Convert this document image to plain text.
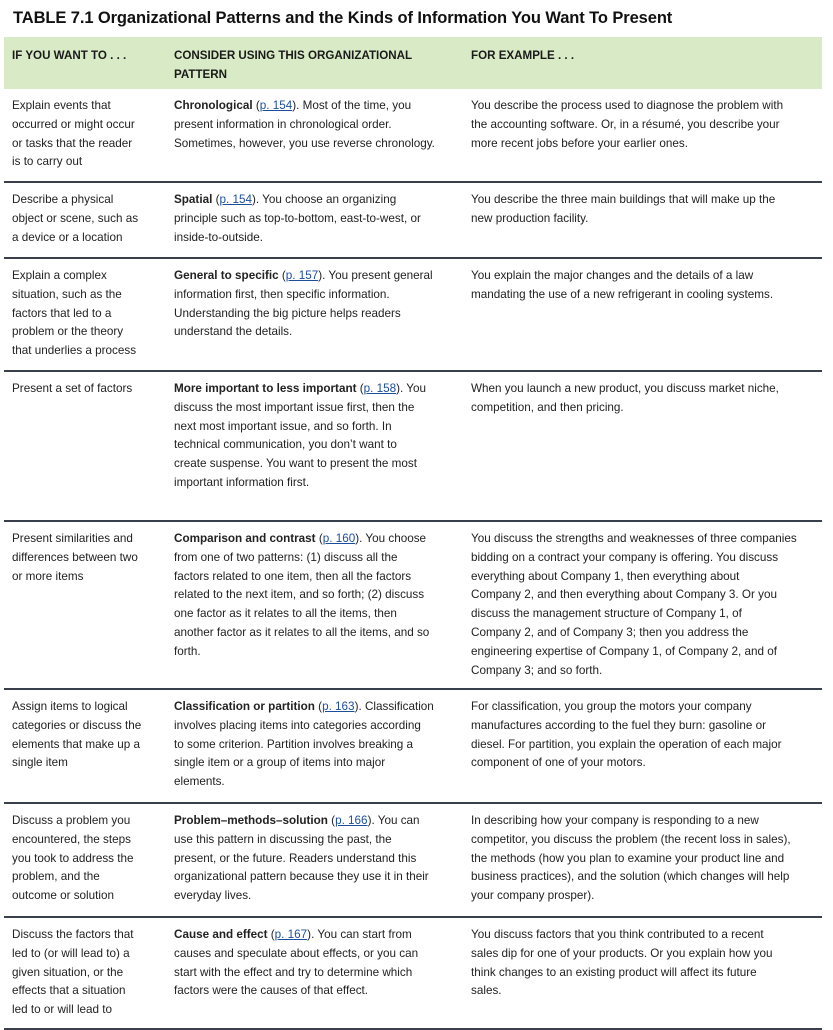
TABLE 7.1 Organizational Patterns and the Kinds of Information You Want To Present
IF YOU WANT TO . . .	CONSIDER USING THIS ORGANIZATIONAL
PATTERN
FOR EXAMPLE . . .
Explain events that
occurred or might occur
or tasks that the reader
is to carry out
Chronological (p. 154). Most of the time, you
present information in chronological order.
Sometimes, however, you use reverse chronology.
You describe the process used to diagnose the problem with
the accounting software. Or, in a résumé, you describe your
more recent jobs before your earlier ones.
Describe a physical
object or scene, such as
a device or a location
Spatial (p. 154). You choose an organizing
principle such as top-to-bottom, east-to-west, or
inside-to-outside.
You describe the three main buildings that will make up the
new production facility.
Explain a complex
situation, such as the
factors that led to a
problem or the theory
that underlies a process
General to specific (p. 157). You present general
information first, then specific information.
Understanding the big picture helps readers
understand the details.
You explain the major changes and the details of a law
mandating the use of a new refrigerant in cooling systems.
Present a set of factors	More important to less important (p. 158). You
discuss the most important issue first, then the
next most important issue, and so forth. In
technical communication, you don’t want to
create suspense. You want to present the most
important information first.
When you launch a new product, you discuss market niche,
competition, and then pricing.
Present similarities and
differences between two
or more items
Comparison and contrast (p. 160). You choose
from one of two patterns: (1) discuss all the
factors related to one item, then all the factors
related to the next item, and so forth; (2) discuss
one factor as it relates to all the items, then
another factor as it relates to all the items, and so
forth.
You discuss the strengths and weaknesses of three companies
bidding on a contract your company is offering. You discuss
everything about Company 1, then everything about
Company 2, and then everything about Company 3. Or you
discuss the management structure of Company 1, of
Company 2, and of Company 3; then you address the
engineering expertise of Company 1, of Company 2, and of
Company 3; and so forth.
Assign items to logical
categories or discuss the
elements that make up a
single item
Classification or partition (p. 163). Classification
involves placing items into categories according
to some criterion. Partition involves breaking a
single item or a group of items into major
elements.
For classification, you group the motors your company
manufactures according to the fuel they burn: gasoline or
diesel. For partition, you explain the operation of each major
component of one of your motors.
Discuss a problem you
encountered, the steps
you took to address the
problem, and the
outcome or solution
Problem–methods–solution (p. 166). You can
use this pattern in discussing the past, the
present, or the future. Readers understand this
organizational pattern because they use it in their
everyday lives.
In describing how your company is responding to a new
competitor, you discuss the problem (the recent loss in sales),
the methods (how you plan to examine your product line and
business practices), and the solution (which changes will help
your company prosper).
Discuss the factors that
led to (or will lead to) a
given situation, or the
effects that a situation
led to or will lead to
Cause and effect (p. 167). You can start from
causes and speculate about effects, or you can
start with the effect and try to determine which
factors were the causes of that effect.
You discuss factors that you think contributed to a recent
sales dip for one of your products. Or you explain how you
think changes to an existing product will affect its future
sales.
